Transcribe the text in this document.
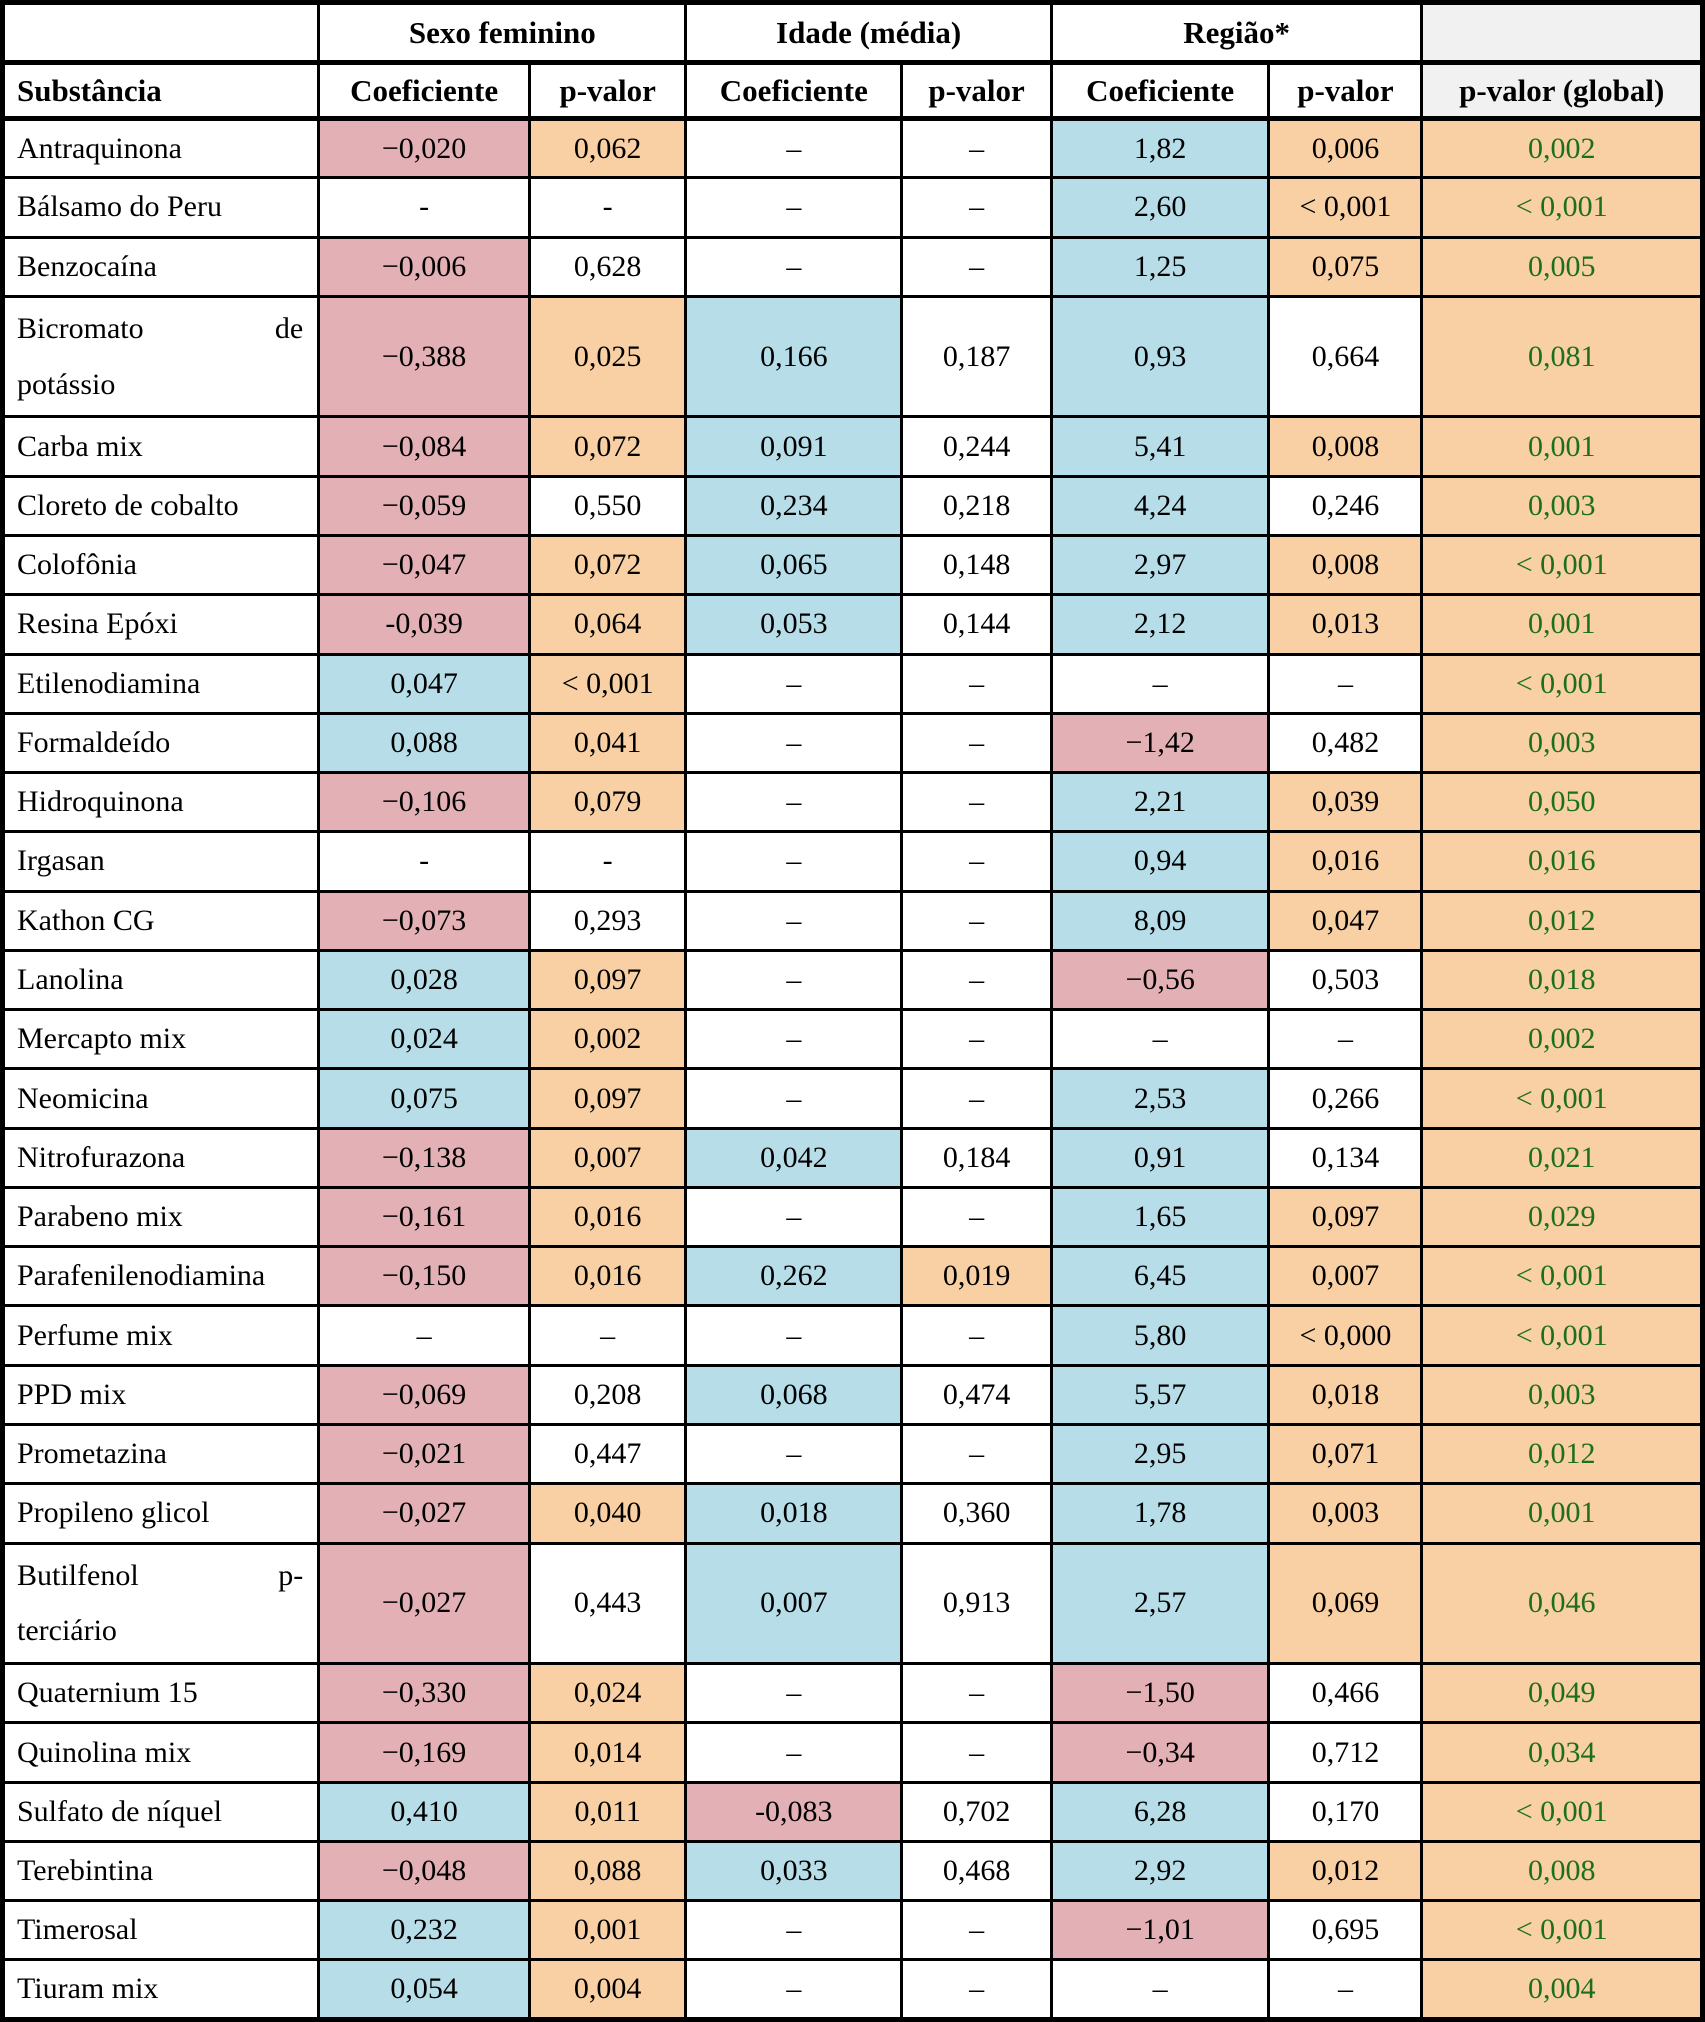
	Sexo feminino		Idade (média)		Região*		
Substância	Coeficiente	p-valor	Coeficiente	p-valor	Coeficiente	p-valor	p-valor (global)
Antraquinona	−0,020	0,062	–	–	1,82	0,006	0,002
Bálsamo do Peru	-	-	–	–	2,60	< 0,001	< 0,001
Benzocaína	−0,006	0,628	–	–	1,25	0,075	0,005

Bicromato de
potássio	−0,388	0,025	0,166	0,187	0,93	0,664	0,081
Carba mix	−0,084	0,072	0,091	0,244	5,41	0,008	0,001
Cloreto de cobalto	−0,059	0,550	0,234	0,218	4,24	0,246	0,003
Colofônia	−0,047	0,072	0,065	0,148	2,97	0,008	< 0,001
Resina Epóxi	-0,039	0,064	0,053	0,144	2,12	0,013	0,001
Etilenodiamina	0,047	< 0,001	–	–	–	–	< 0,001
Formaldeído	0,088	0,041	–	–	−1,42	0,482	0,003
Hidroquinona	−0,106	0,079	–	–	2,21	0,039	0,050
Irgasan	-	-	–	–	0,94	0,016	0,016
Kathon CG	−0,073	0,293	–	–	8,09	0,047	0,012
Lanolina	0,028	0,097	–	–	−0,56	0,503	0,018
Mercapto mix	0,024	0,002	–	–	–	–	0,002
Neomicina	0,075	0,097	–	–	2,53	0,266	< 0,001
Nitrofurazona	−0,138	0,007	0,042	0,184	0,91	0,134	0,021
Parabeno mix	−0,161	0,016	–	–	1,65	0,097	0,029
Parafenilenodiamina	−0,150	0,016	0,262	0,019	6,45	0,007	< 0,001
Perfume mix	–	–	–	–	5,80	< 0,000	< 0,001
PPD mix	−0,069	0,208	0,068	0,474	5,57	0,018	0,003
Prometazina	−0,021	0,447	–	–	2,95	0,071	0,012
Propileno glicol	−0,027	0,040	0,018	0,360	1,78	0,003	0,001

Butilfenol p-
terciário	−0,027	0,443	0,007	0,913	2,57	0,069	0,046
Quaternium 15	−0,330	0,024	–	–	−1,50	0,466	0,049
Quinolina mix	−0,169	0,014	–	–	−0,34	0,712	0,034
Sulfato de níquel	0,410	0,011	-0,083	0,702	6,28	0,170	< 0,001
Terebintina	−0,048	0,088	0,033	0,468	2,92	0,012	0,008
Timerosal	0,232	0,001	–	–	−1,01	0,695	< 0,001
Tiuram mix	0,054	0,004	–	–	–	–	0,004
